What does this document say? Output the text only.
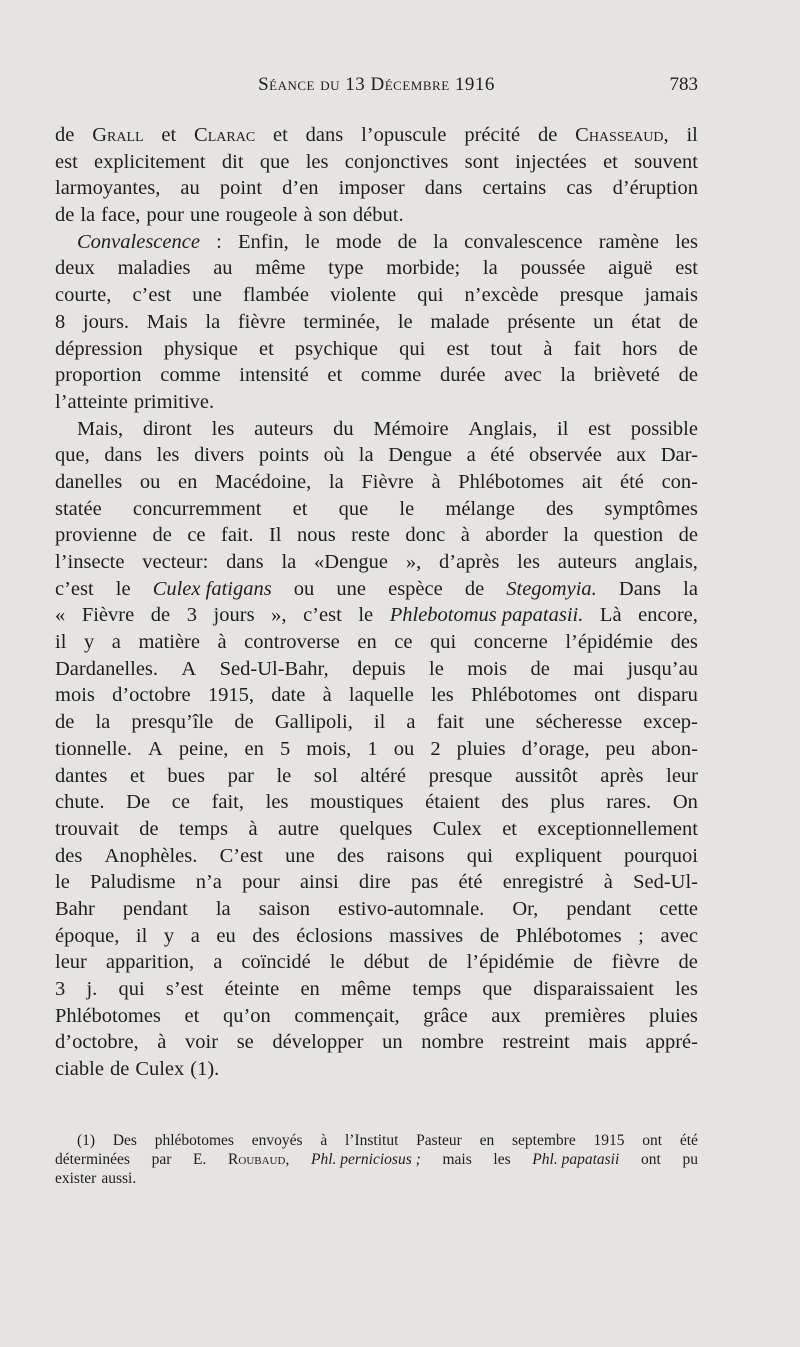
Séance du 13 Décembre 1916	783
de Grall et Clarac et dans l’opuscule précité de Chasseaud, il
est explicitement dit que les conjonctives sont injectées et souvent
larmoyantes, au point d’en imposer dans certains cas d’éruption
de la face, pour une rougeole à son début.
Convalescence : Enfin, le mode de la convalescence ramène les
deux maladies au même type morbide; la poussée aiguë est
courte, c’est une flambée violente qui n’excède presque jamais
8 jours. Mais la fièvre terminée, le malade présente un état de
dépression physique et psychique qui est tout à fait hors de
proportion comme intensité et comme durée avec la brièveté de
l’atteinte primitive.
Mais, diront les auteurs du Mémoire Anglais, il est possible
que, dans les divers points où la Dengue a été observée aux Dar-
danelles ou en Macédoine, la Fièvre à Phlébotomes ait été con-
statée concurremment et que le mélange des symptômes
provienne de ce fait. Il nous reste donc à aborder la question de
l’insecte vecteur: dans la «Dengue », d’après les auteurs anglais,
c’est le Culex fatigans ou une espèce de Stegomyia. Dans la
« Fièvre de 3 jours », c’est le Phlebotomus papatasii. Là encore,
il y a matière à controverse en ce qui concerne l’épidémie des
Dardanelles. A Sed-Ul-Bahr, depuis le mois de mai jusqu’au
mois d’octobre 1915, date à laquelle les Phlébotomes ont disparu
de la presqu’île de Gallipoli, il a fait une sécheresse excep-
tionnelle. A peine, en 5 mois, 1 ou 2 pluies d’orage, peu abon-
dantes et bues par le sol altéré presque aussitôt après leur
chute. De ce fait, les moustiques étaient des plus rares. On
trouvait de temps à autre quelques Culex et exceptionnellement
des Anophèles. C’est une des raisons qui expliquent pourquoi
le Paludisme n’a pour ainsi dire pas été enregistré à Sed-Ul-
Bahr pendant la saison estivo-automnale. Or, pendant cette
époque, il y a eu des éclosions massives de Phlébotomes ; avec
leur apparition, a coïncidé le début de l’épidémie de fièvre de
3 j. qui s’est éteinte en même temps que disparaissaient les
Phlébotomes et qu’on commençait, grâce aux premières pluies
d’octobre, à voir se développer un nombre restreint mais appré-
ciable de Culex (1).
(1) Des phlébotomes envoyés à l’Institut Pasteur en septembre 1915 ont été
déterminées par E. Roubaud, Phl. perniciosus ; mais les Phl. papatasii ont pu
exister aussi.
